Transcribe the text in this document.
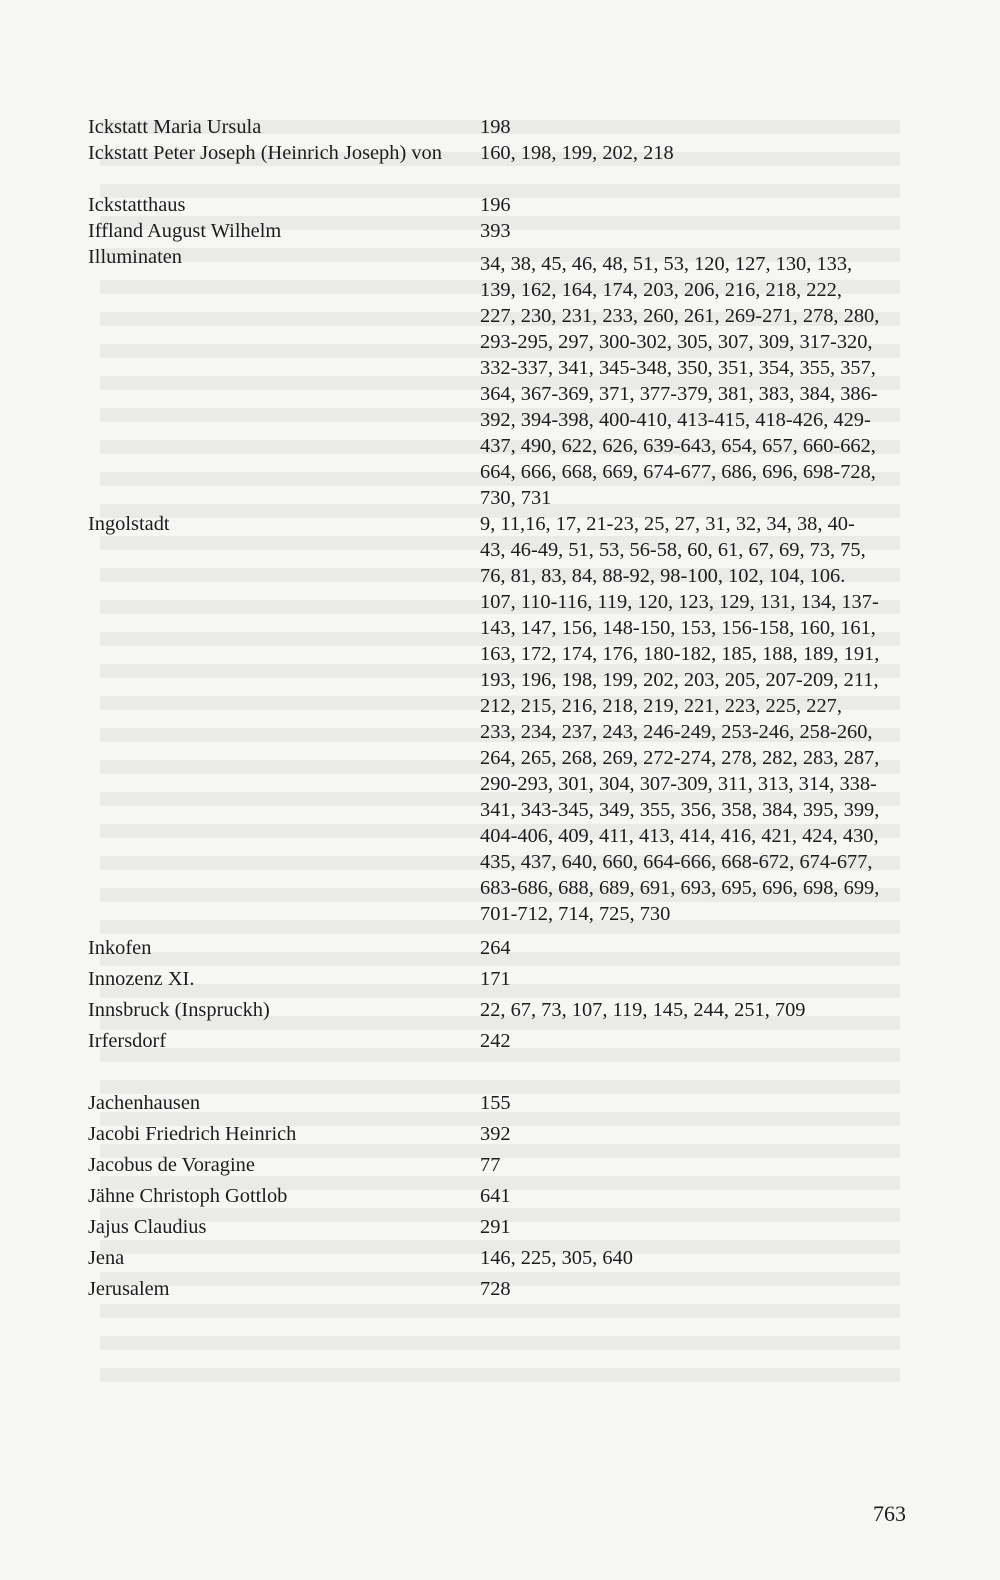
Ickstatt Maria Ursula	198
Ickstatt Peter Joseph (Heinrich Joseph) von	160, 198, 199, 202, 218
Ickstatthaus	196
Iffland August Wilhelm	393
Illuminaten	34, 38, 45, 46, 48, 51, 53, 120, 127, 130, 133, 139, 162, 164, 174, 203, 206, 216, 218, 222, 227, 230, 231, 233, 260, 261, 269-271, 278, 280, 293-295, 297, 300-302, 305, 307, 309, 317-320, 332-337, 341, 345-348, 350, 351, 354, 355, 357, 364, 367-369, 371, 377-379, 381, 383, 384, 386-392, 394-398, 400-410, 413-415, 418-426, 429-437, 490, 622, 626, 639-643, 654, 657, 660-662, 664, 666, 668, 669, 674-677, 686, 696, 698-728, 730, 731
Ingolstadt	9, 11,16, 17, 21-23, 25, 27, 31, 32, 34, 38, 40-43, 46-49, 51, 53, 56-58, 60, 61, 67, 69, 73, 75, 76, 81, 83, 84, 88-92, 98-100, 102, 104, 106. 107, 110-116, 119, 120, 123, 129, 131, 134, 137- 143, 147, 156, 148-150, 153, 156-158, 160, 161, 163, 172, 174, 176, 180-182, 185, 188, 189, 191, 193, 196, 198, 199, 202, 203, 205, 207-209, 211, 212, 215, 216, 218, 219, 221, 223, 225, 227, 233, 234, 237, 243, 246-249, 253-246, 258-260, 264, 265, 268, 269, 272-274, 278, 282, 283, 287, 290-293, 301, 304, 307-309, 311, 313, 314, 338-341, 343-345, 349, 355, 356, 358, 384, 395, 399, 404-406, 409, 411, 413, 414, 416, 421, 424, 430, 435, 437, 640, 660, 664-666, 668-672, 674-677, 683-686, 688, 689, 691, 693, 695, 696, 698, 699, 701-712, 714, 725, 730
Inkofen	264
Innozenz XI.	171
Innsbruck (Inspruckh)	22, 67, 73, 107, 119, 145, 244, 251, 709
Irfersdorf	242
Jachenhausen	155
Jacobi Friedrich Heinrich	392
Jacobus de Voragine	77
Jähne Christoph Gottlob	641
Jajus Claudius	291
Jena	146, 225, 305, 640
Jerusalem	728
763
